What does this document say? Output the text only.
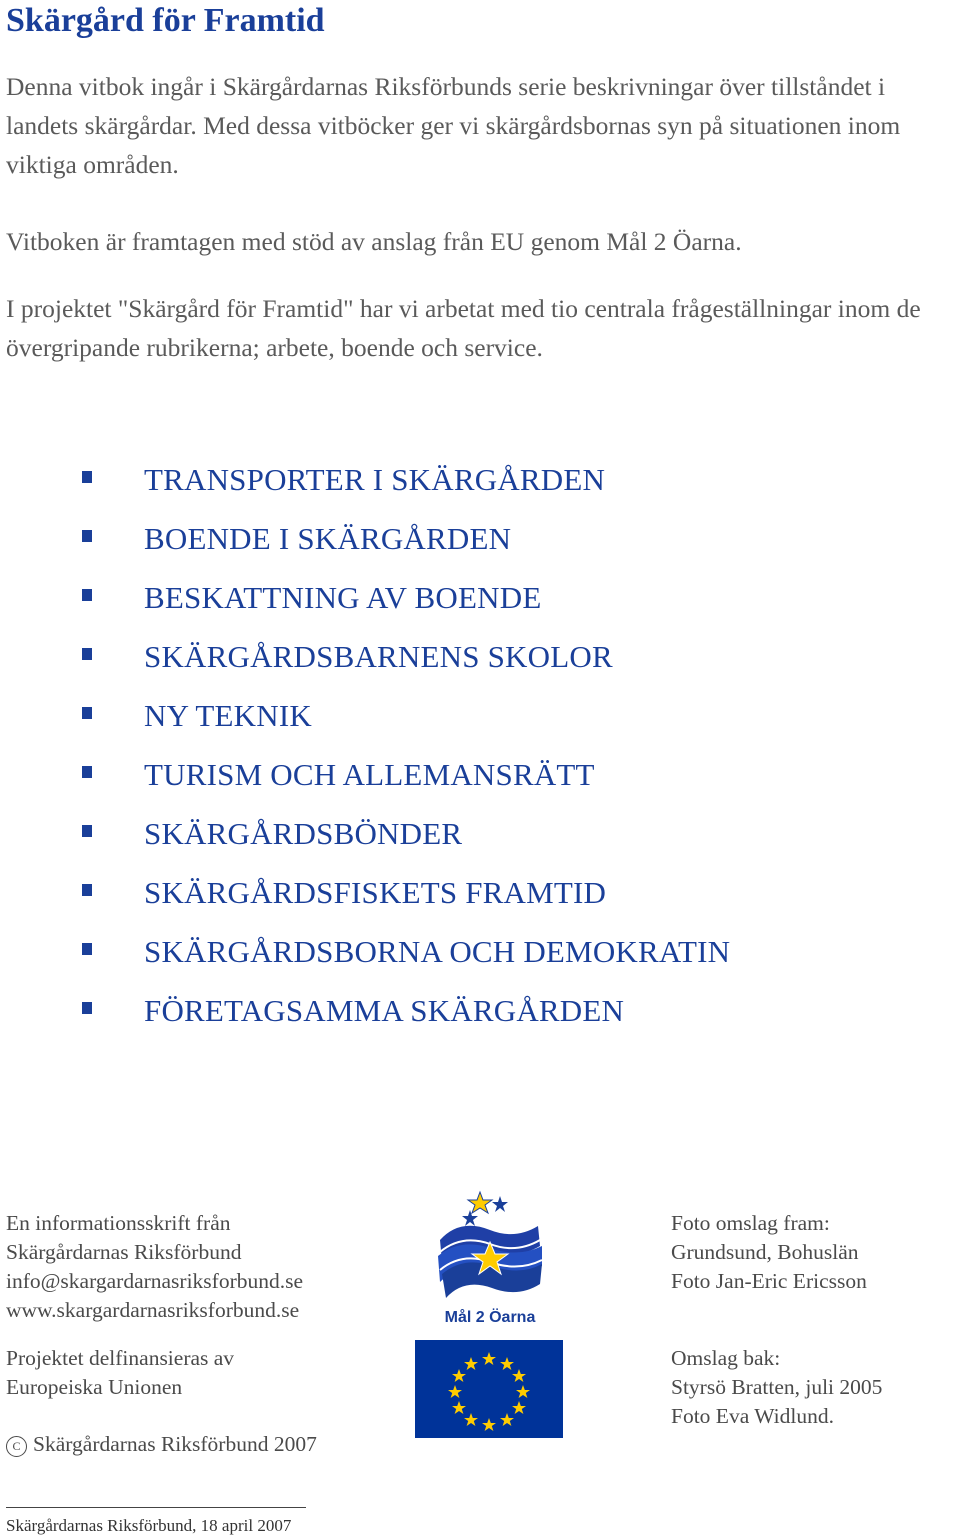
Skärgård för Framtid

Denna vitbok ingår i Skärgårdarnas Riksförbunds serie beskrivningar över tillståndet i landets skärgårdar. Med dessa vitböcker ger vi skärgårdsbornas syn på situationen inom viktiga områden.

Vitboken är framtagen med stöd av anslag från EU genom Mål 2 Öarna.

I projektet "Skärgård för Framtid" har vi arbetat med tio centrala frågeställningar inom de övergripande rubrikerna; arbete, boende och service.

TRANSPORTER I SKÄRGÅRDEN
BOENDE I SKÄRGÅRDEN
BESKATTNING AV BOENDE
SKÄRGÅRDSBARNENS SKOLOR
NY TEKNIK
TURISM OCH ALLEMANSRÄTT
SKÄRGÅRDSBÖNDER
SKÄRGÅRDSFISKETS FRAMTID
SKÄRGÅRDSBORNA OCH DEMOKRATIN
FÖRETAGSAMMA SKÄRGÅRDEN
En informationsskrift från
Skärgårdarnas Riksförbund
info@skargardarnasriksforbund.se
www.skargardarnasriksforbund.se
Projektet delfinansieras av
Europeiska Unionen
C Skärgårdarnas Riksförbund 2007
Mål 2 Öarna
Foto omslag fram:
Grundsund, Bohuslän
Foto Jan-Eric Ericsson
Omslag bak:
Styrsö Bratten, juli 2005
Foto Eva Widlund.

Skärgårdarnas Riksförbund, 18 april 2007
